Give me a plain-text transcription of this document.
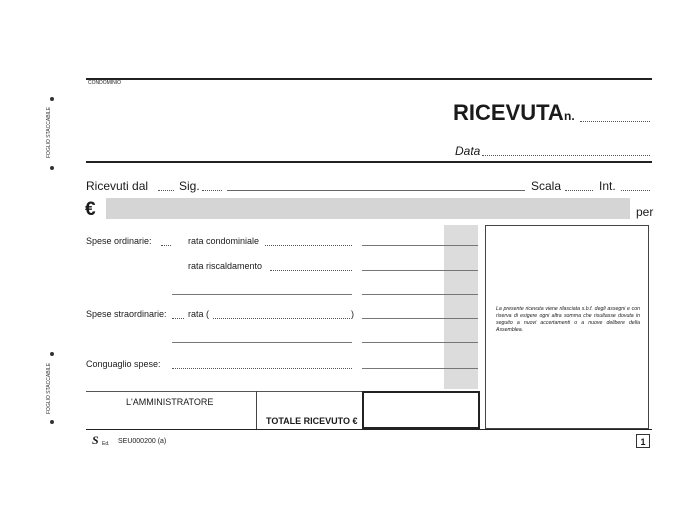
FOGLIO STACCABILE
FOGLIO STACCABILE
CONDOMINIO
RICEVUTA n.
Data
Ricevuti dal	Sig.	Scala	Int.
€	per
Spese ordinarie:	rata condominiale
rata riscaldamento
Spese straordinarie: rata (	)
Conguaglio spese:
La presente ricevuta viene rilasciata s.b.f. degli assegni e con riserva di esigere ogni altra somma che risultasse dovuta in seguito a nuovi accertamenti o a nuove delibere della Assemblea.
L'AMMINISTRATORE
TOTALE RICEVUTO €
S Ed. SEU000200 (a)	1
